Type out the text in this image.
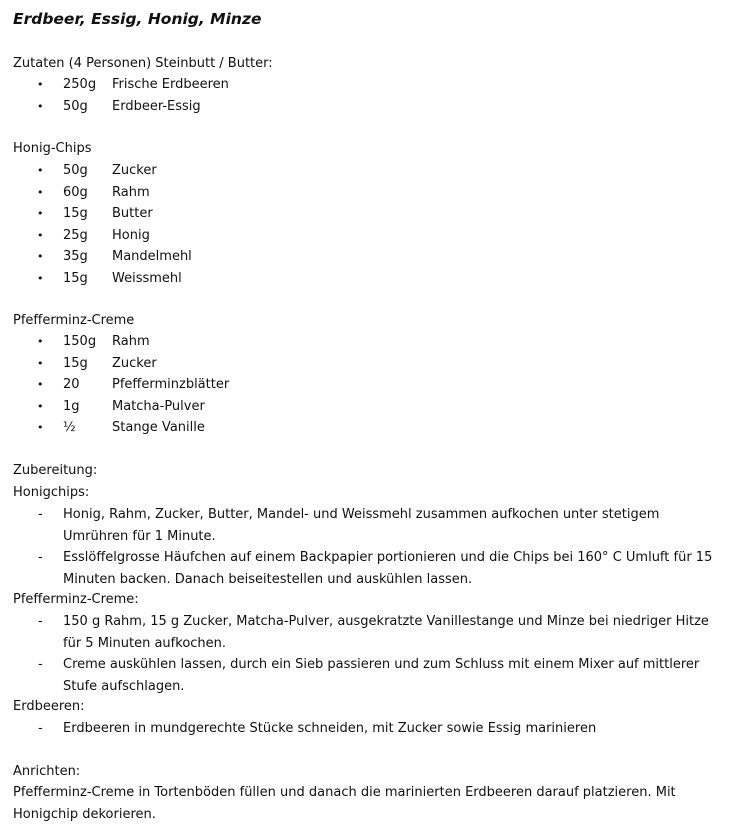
Erdbeer, Essig, Honig, Minze
Zutaten (4 Personen) Steinbutt / Butter:
• 250g Frische Erdbeeren
• 50g Erdbeer-Essig
Honig-Chips
• 50g Zucker
• 60g Rahm
• 15g Butter
• 25g Honig
• 35g Mandelmehl
• 15g Weissmehl
Pfefferminz-Creme
• 150g Rahm
• 15g Zucker
• 20 Pfefferminzblätter
• 1g Matcha-Pulver
• ½	Stange Vanille
Zubereitung:
Honigchips:
- Honig, Rahm, Zucker, Butter, Mandel- und Weissmehl zusammen aufkochen unter stetigem Umrühren für 1 Minute.
- Esslöffelgrosse Häufchen auf einem Backpapier portionieren und die Chips bei 160° C Umluft für 15 Minuten backen. Danach beiseitestellen und auskühlen lassen.
Pfefferminz-Creme:
- 150 g Rahm, 15 g Zucker, Matcha-Pulver, ausgekratzte Vanillestange und Minze bei niedriger Hitze für 5 Minuten aufkochen.
- Creme auskühlen lassen, durch ein Sieb passieren und zum Schluss mit einem Mixer auf mittlerer Stufe aufschlagen.
Erdbeeren:
- Erdbeeren in mundgerechte Stücke schneiden, mit Zucker sowie Essig marinieren
Anrichten:
Pfefferminz-Creme in Tortenböden füllen und danach die marinierten Erdbeeren darauf platzieren. Mit Honigchip dekorieren.
